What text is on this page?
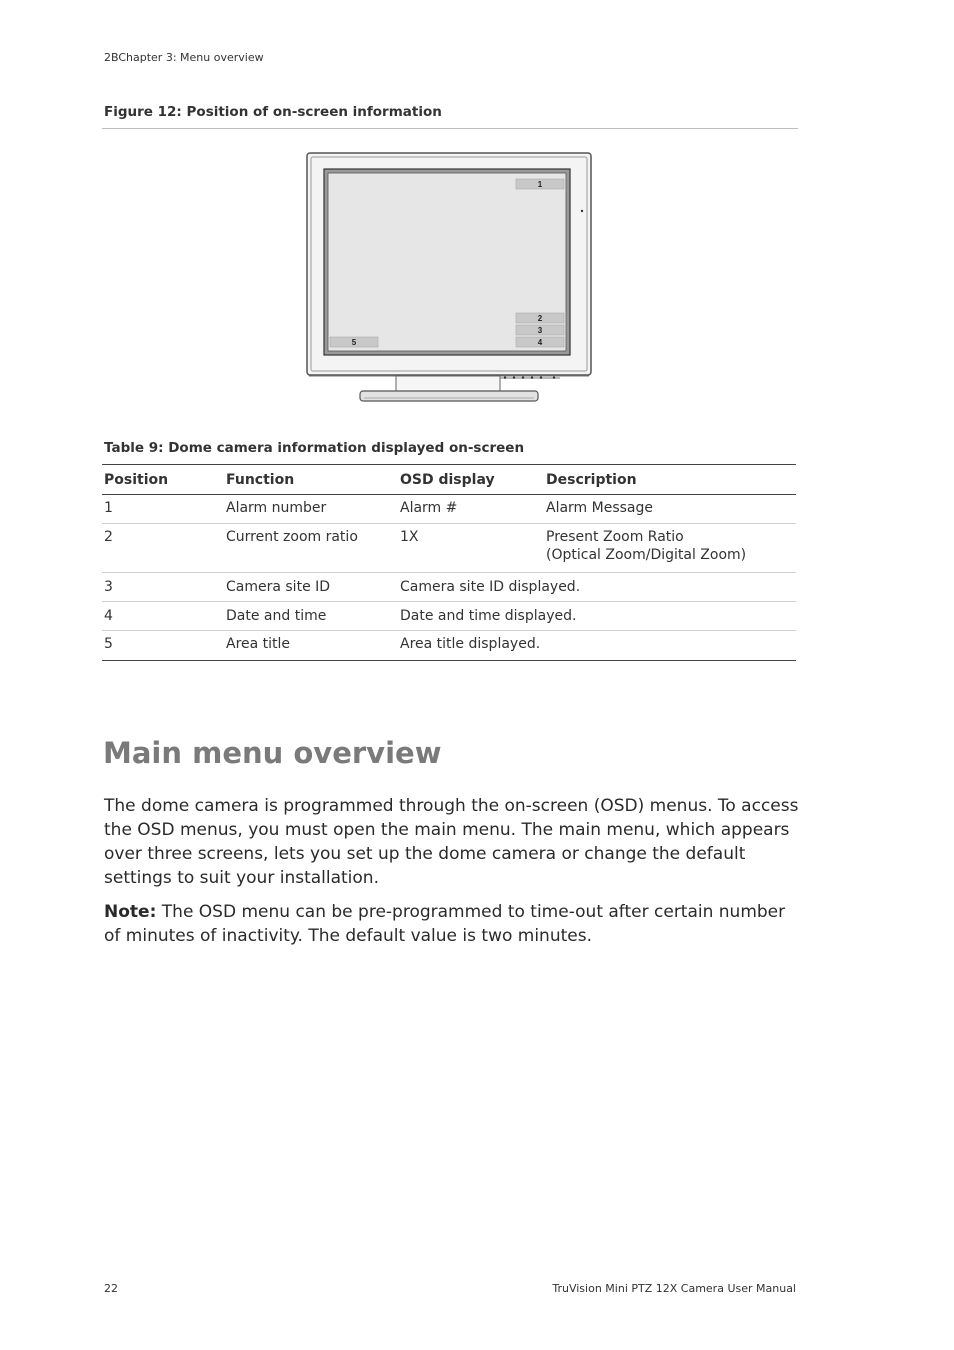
2BChapter 3: Menu overview
Figure 12: Position of on-screen information
1
2
3
4
5
Table 9: Dome camera information displayed on-screen
Position	Function	OSD display	Description
1	Alarm number	Alarm #	Alarm Message
2	Current zoom ratio	1X	Present Zoom Ratio
(Optical Zoom/Digital Zoom)

3	Camera site ID	Camera site ID displayed.	
4	Date and time	Date and time displayed.	
5	Area title	Area title displayed.	
Main menu overview

The dome camera is programmed through the on-screen (OSD) menus. To access the OSD menus, you must open the main menu. The main menu, which appears over three screens, lets you set up the dome camera or change the default settings to suit your installation.

Note: The OSD menu can be pre-programmed to time-out after certain number of minutes of inactivity. The default value is two minutes.

22	TruVision Mini PTZ 12X Camera User Manual
